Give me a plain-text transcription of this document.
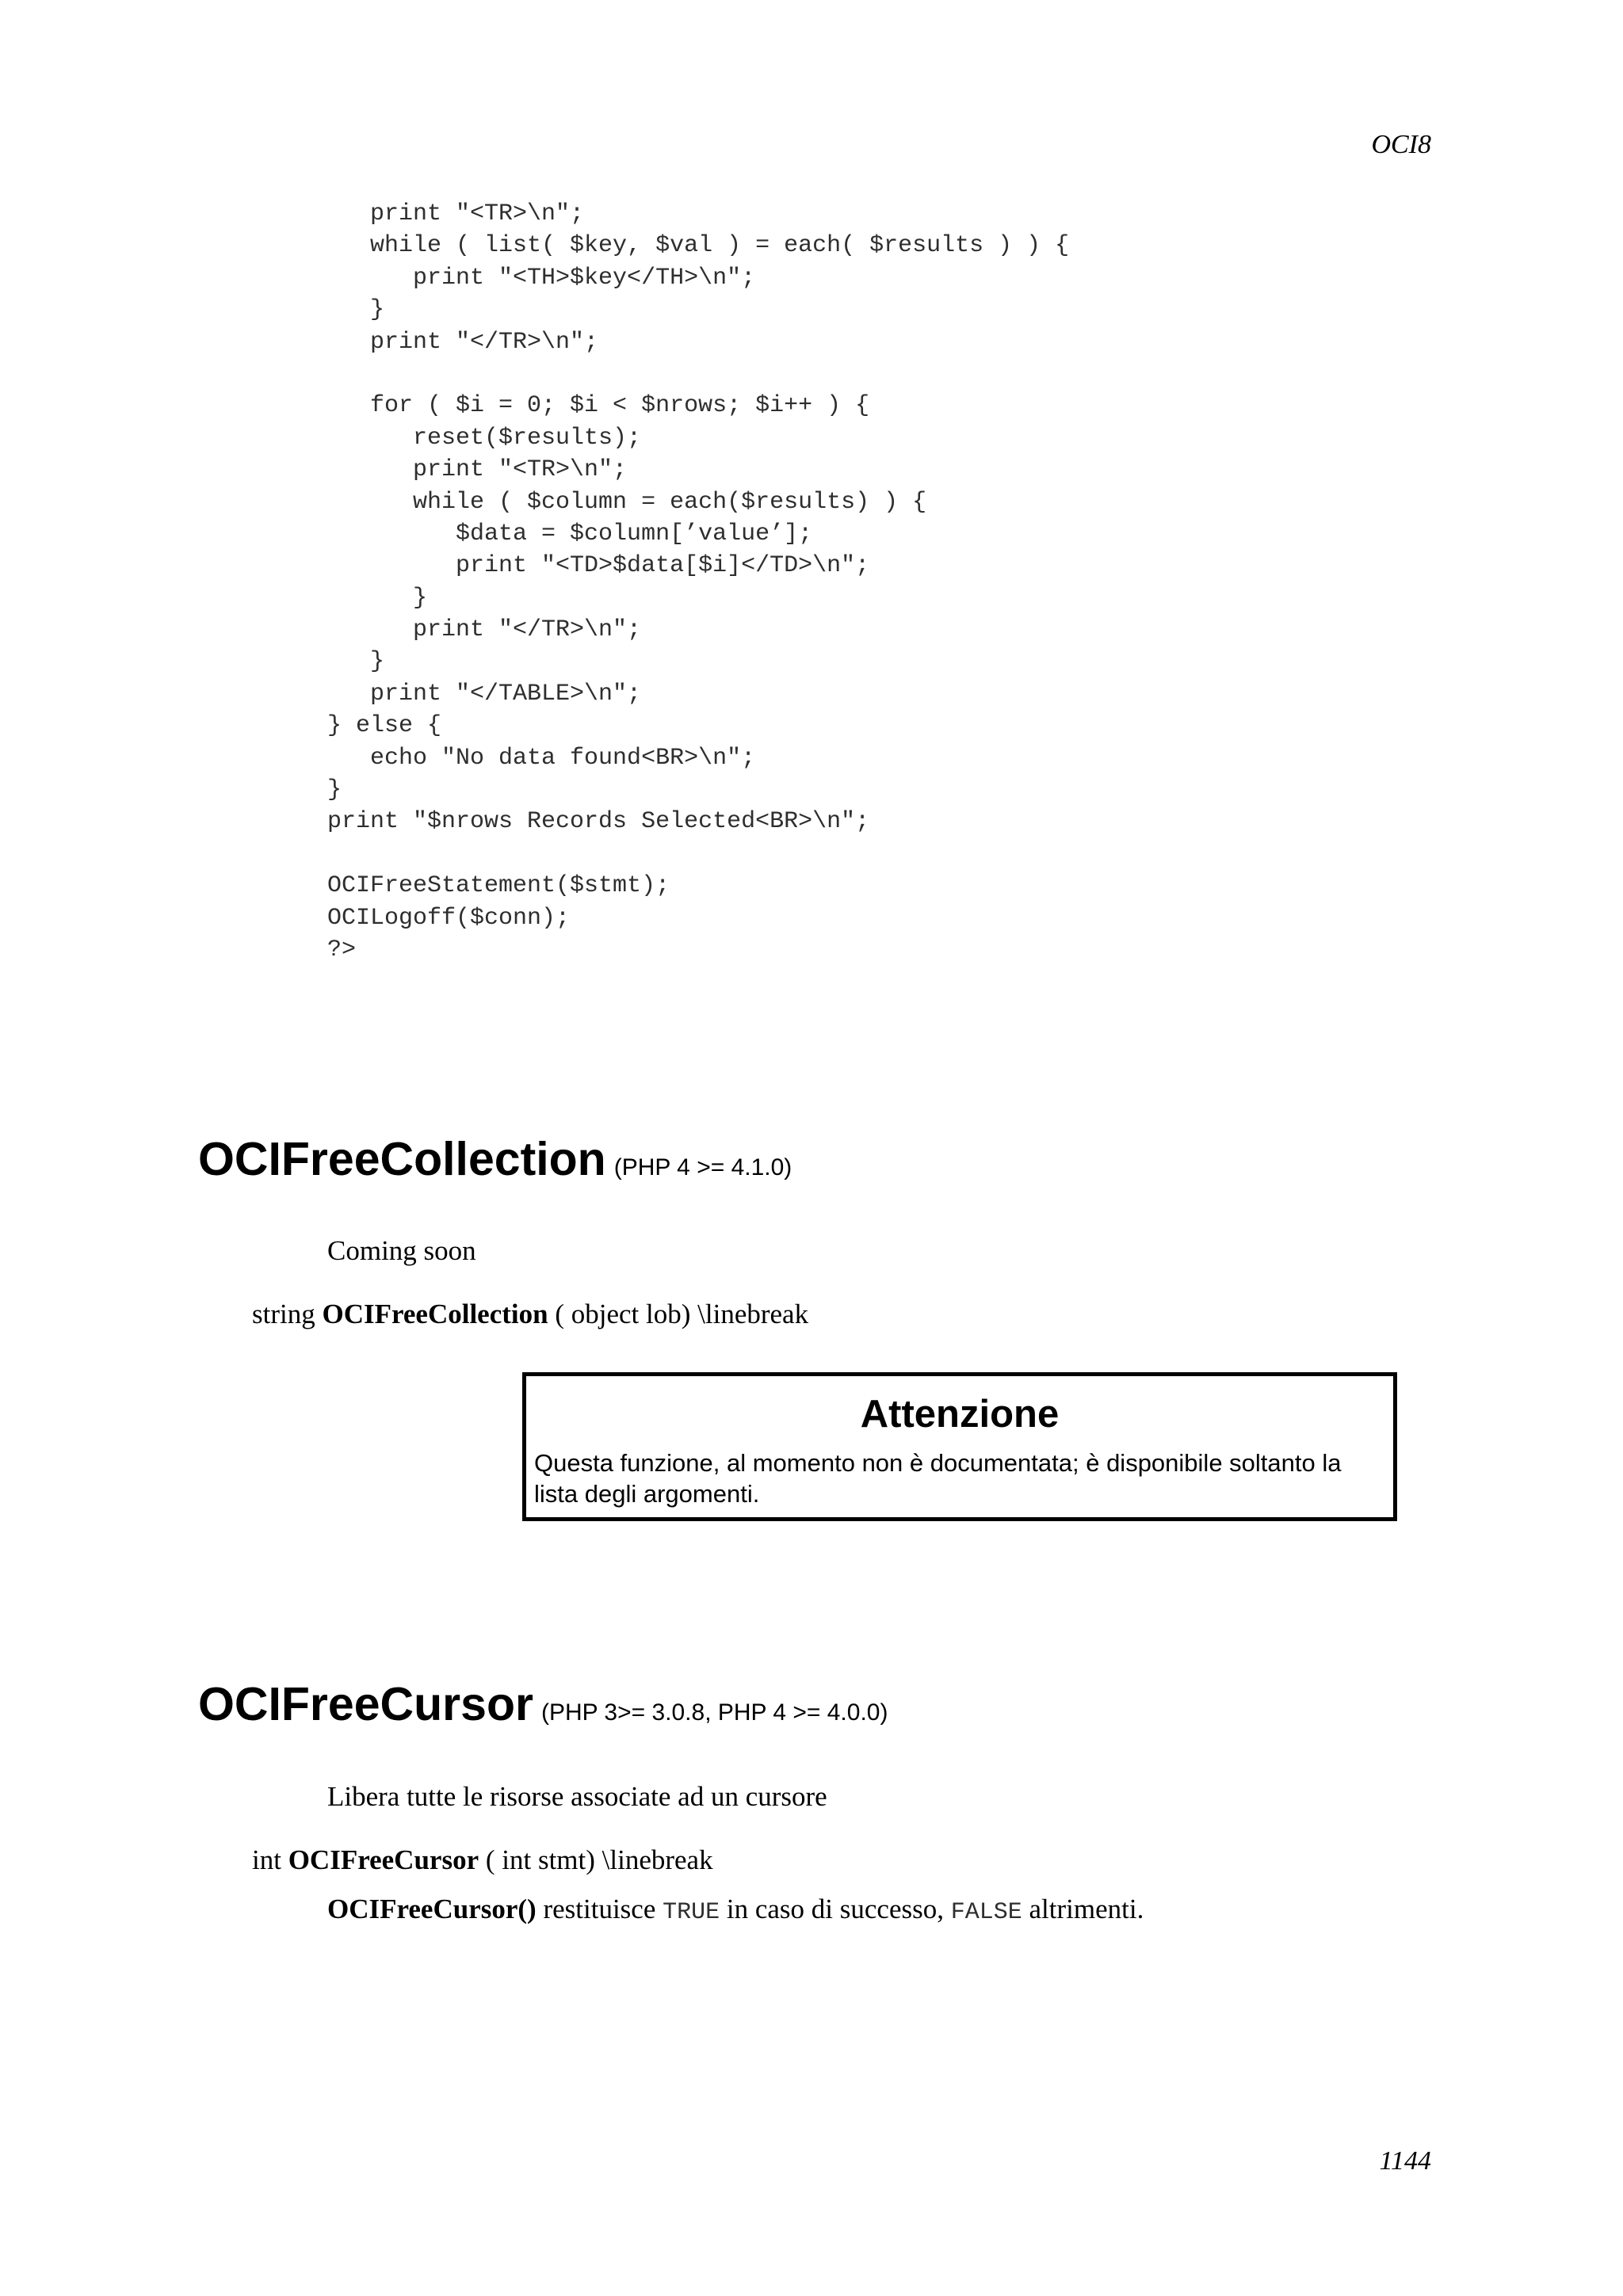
OCI8
print "<TR>\n";
while ( list( $key, $val ) = each( $results ) ) {
print "<TH>$key</TH>\n";
}
print "</TR>\n";
for ( $i = 0; $i < $nrows; $i++ ) {
reset($results);
print "<TR>\n";
while ( $column = each($results) ) {
$data = $column[’value’];
print "<TD>$data[$i]</TD>\n";
}
print "</TR>\n";
}
print "</TABLE>\n";
} else {
echo "No data found<BR>\n";
}
print "$nrows Records Selected<BR>\n";
OCIFreeStatement($stmt);
OCILogoff($conn);
?>
OCIFreeCollection (PHP 4 >= 4.1.0)
Coming soon
string OCIFreeCollection ( object lob) \linebreak
Attenzione
Questa funzione, al momento non è documentata; è disponibile soltanto la
lista degli argomenti.
OCIFreeCursor (PHP 3>= 3.0.8, PHP 4 >= 4.0.0)
Libera tutte le risorse associate ad un cursore
int OCIFreeCursor ( int stmt) \linebreak
OCIFreeCursor() restituisce TRUE in caso di successo, FALSE altrimenti.
1144
